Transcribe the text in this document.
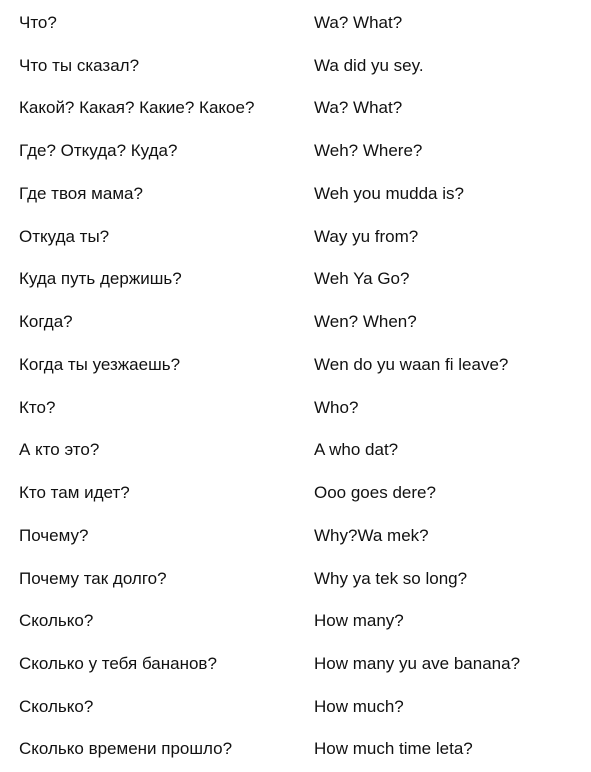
Что?	Wa? What?
Что ты сказал?	Wa did yu sey.
Какой? Какая? Какие? Какое?	Wa? What?
Где? Откуда? Куда?	Weh? Where?
Где твоя мама?	Weh you mudda is?
Откуда ты?	Way yu from?
Куда путь держишь?	Weh Ya Go?
Когда?	Wen? When?
Когда ты уезжаешь?	Wen do yu waan fi leave?
Кто?	Who?
А кто это?	A who dat?
Кто там идет?	Ooo goes dere?
Почему?	Why?Wa mek?
Почему так долго?	Why ya tek so long?
Сколько?	How many?
Сколько у тебя бананов?	How many yu ave banana?
Сколько?	How much?
Сколько времени прошло?	How much time leta?
